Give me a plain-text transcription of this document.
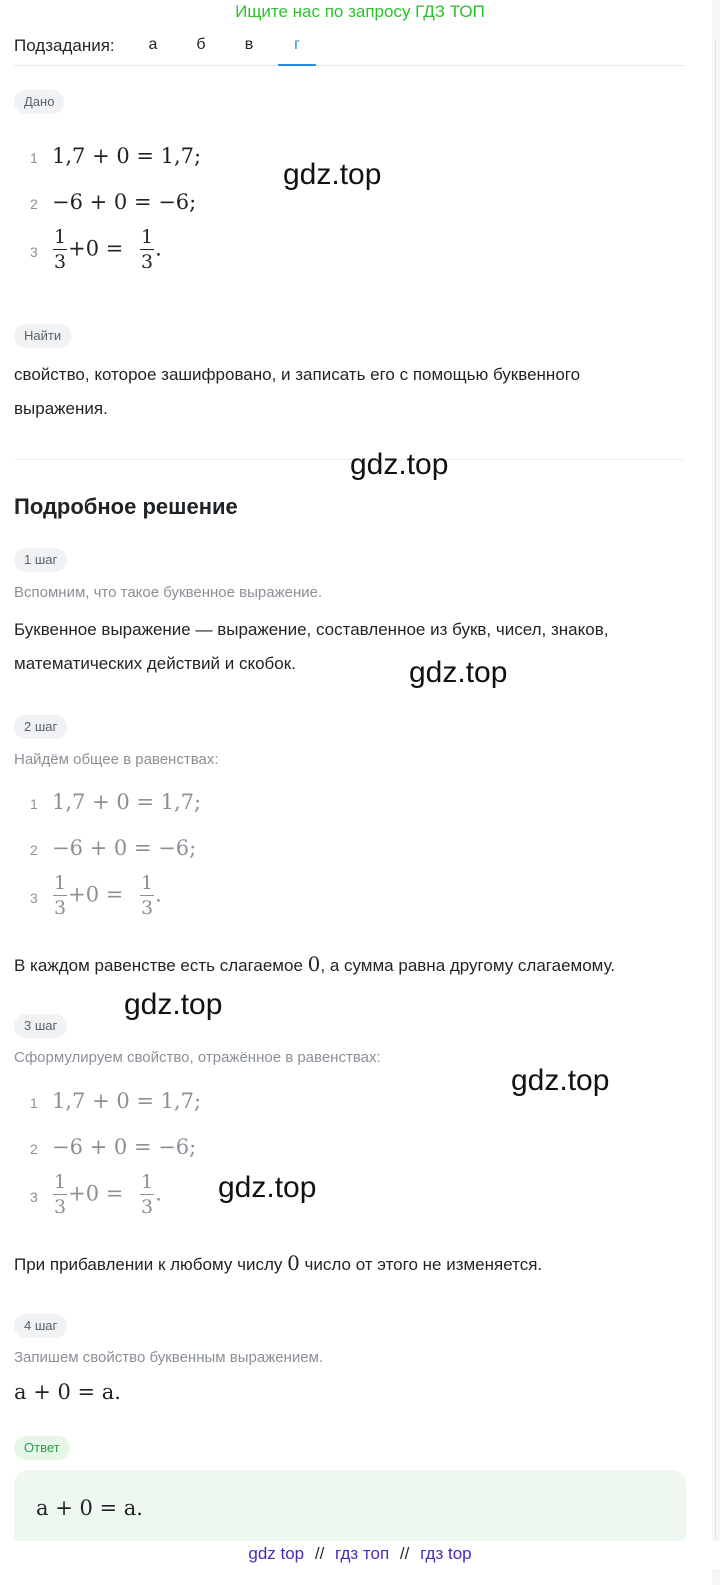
Ищите нас по запросу ГДЗ ТОП
Подзадания:	а	б	в	г
Дано
1 1,7 + 0 = 1,7;
2 −6 + 0 = −6;
$3 \frac{1}{3} +0 = \frac{1}{3}$ .
Найти
свойство, которое зашифровано, и записать его с помощью буквенного
выражения.
Подробное решение
1 шаг
Вспомним, что такое буквенное выражение.
Буквенное выражение — выражение, составленное из букв, чисел, знаков,
математических действий и скобок.
2 шаг
Найдём общее в равенствах:
1 1,7 + 0 = 1,7;
2 −6 + 0 = −6;
$3 \frac{1}{3} +0 = \frac{1}{3}$ .
В каждом равенстве есть слагаемое 0, а сумма равна другому слагаемому.
3 шаг
Сформулируем свойство, отражённое в равенствах:
1 1,7 + 0 = 1,7;
2 −6 + 0 = −6;
$3 \frac{1}{3} +0 = \frac{1}{3}$ .
При прибавлении к любому числу 0 число от этого не изменяется.
4 шаг
Запишем свойство буквенным выражением.
a + 0 = a.
Ответ
a + 0 = a.
gdz.top
gdz.top
gdz.top
gdz.top
gdz.top
gdz.top
gdz top // гдз топ // гдз top
